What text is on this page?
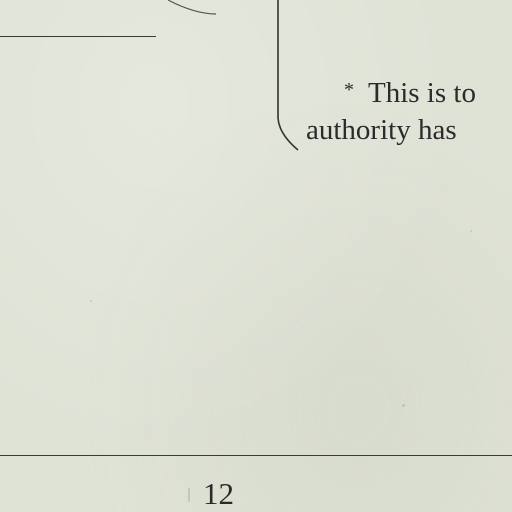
* This is to
authority has
12
